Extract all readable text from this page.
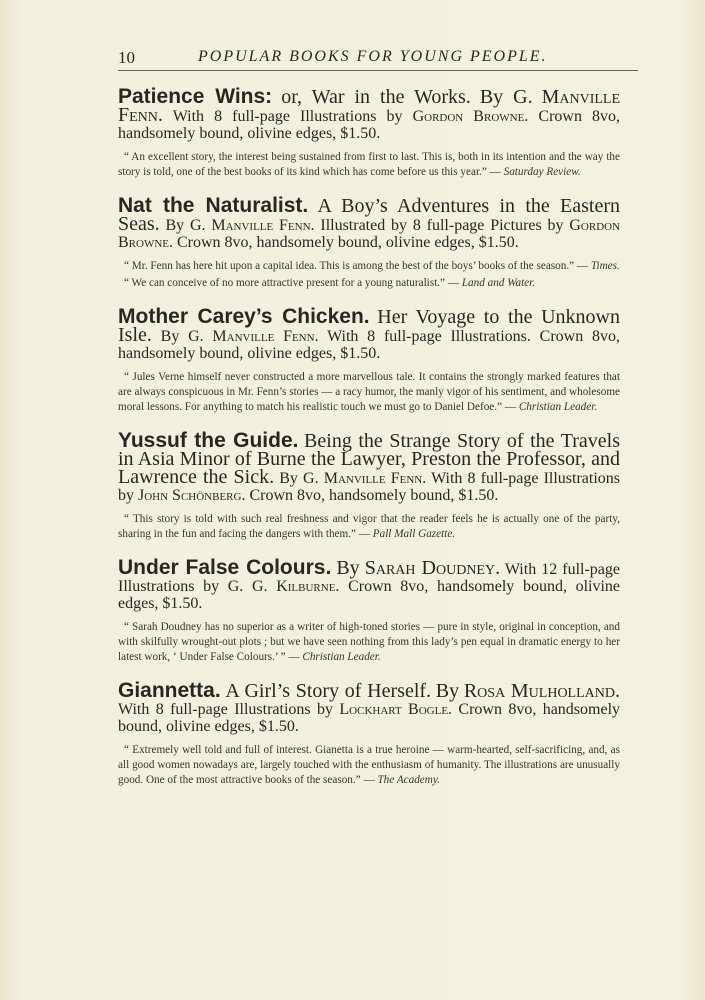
10	POPULAR BOOKS FOR YOUNG PEOPLE.

Patience Wins: or, War in the Works. By G. Manville Fenn. With 8 full-page Illustrations by Gordon Browne. Crown 8vo, handsomely bound, olivine edges, $1.50.

“ An excellent story, the interest being sustained from first to last. This is, both in its intention and the way the story is told, one of the best books of its kind which has come before us this year.” — Saturday Review.

Nat the Naturalist. A Boy’s Adventures in the Eastern Seas. By G. Manville Fenn. Illustrated by 8 full-page Pictures by Gordon Browne. Crown 8vo, handsomely bound, olivine edges, $1.50.

“ Mr. Fenn has here hit upon a capital idea. This is among the best of the boys’ books of the season.” — Times.

“ We can conceive of no more attractive present for a young naturalist.” — Land and Water.

Mother Carey’s Chicken. Her Voyage to the Unknown Isle. By G. Manville Fenn. With 8 full-page Illustrations. Crown 8vo, handsomely bound, olivine edges, $1.50.

“ Jules Verne himself never constructed a more marvellous tale. It contains the strongly marked features that are always conspicuous in Mr. Fenn’s stories — a racy humor, the manly vigor of his sentiment, and wholesome moral lessons. For anything to match his realistic touch we must go to Daniel Defoe.” — Christian Leader.

Yussuf the Guide. Being the Strange Story of the Travels in Asia Minor of Burne the Lawyer, Preston the Professor, and Lawrence the Sick. By G. Manville Fenn. With 8 full-page Illustrations by John Schönberg. Crown 8vo, handsomely bound, $1.50.

“ This story is told with such real freshness and vigor that the reader feels he is actually one of the party, sharing in the fun and facing the dangers with them.” — Pall Mall Gazette.

Under False Colours. By Sarah Doudney. With 12 full-page Illustrations by G. G. Kilburne. Crown 8vo, handsomely bound, olivine edges, $1.50.

“ Sarah Doudney has no superior as a writer of high-toned stories — pure in style, original in conception, and with skilfully wrought-out plots ; but we have seen nothing from this lady’s pen equal in dramatic energy to her latest work, ‘ Under False Colours.’ ” — Christian Leader.

Giannetta. A Girl’s Story of Herself. By Rosa Mulholland. With 8 full-page Illustrations by Lockhart Bogle. Crown 8vo, handsomely bound, olivine edges, $1.50.

“ Extremely well told and full of interest. Gianetta is a true heroine — warm-hearted, self-sacrificing, and, as all good women nowadays are, largely touched with the enthusiasm of humanity. The illustrations are unusually good. One of the most attractive books of the season.” — The Academy.
